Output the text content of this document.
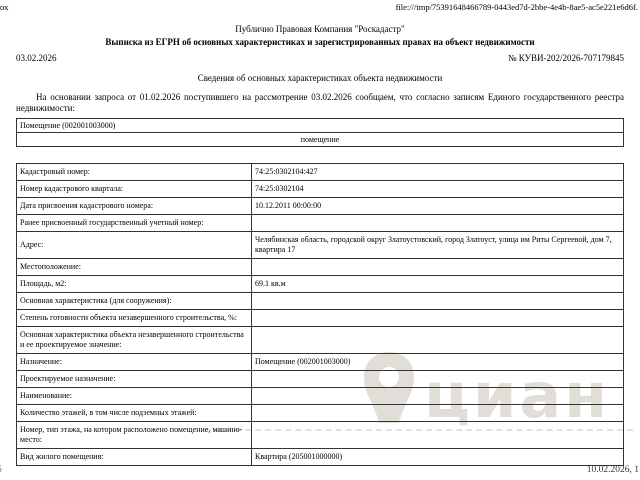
циан
ox	file:///tmp/75391648466789-0443ed7d-2bbe-4e4b-8ae5-ac5e221e6d6f.
10.02.2026, 1
Публично Правовая Компания "Роскадастр"
Выписка из ЕГРН об основных характеристиках и зарегистрированных правах на объект недвижимости
03.02.2026	№ КУВИ-202/2026-707179845
Сведения об основных характеристиках объекта недвижимости
На основании запроса от 01.02.2026 поступившего на рассмотрение 03.02.2026 сообщаем, что согласно записям Единого государственного реестра недвижимости:
Помещение (002001003000)
помещение
Кадастровый номер:	74:25:0302104:427
Номер кадастрового квартала:	74:25:0302104
Дата присвоения кадастрового номера:	10.12.2011 00:00:00
Ранее присвоенный государственный учетный номер:	
Адрес:	Челябинская область, городской округ Златоустовский, город Златоуст, улица им Риты Сергеевой, дом 7, квартира 17
Местоположение:	
Площадь, м2:	69.1 кв.м
Основная характеристика (для сооружения):	
Степень готовности объекта незавершенного строительства, %:	
Основная характеристика объекта незавершенного строительства и ее проектируемое значение:	
Назначение:	Помещение (002001003000)
Проектируемое назначение:	
Наименование:	
Количество этажей, в том числе подземных этажей:	
Номер, тип этажа, на котором расположено помещение, машино-место:	
Вид жилого помещения:	Квартира (205001000000)
